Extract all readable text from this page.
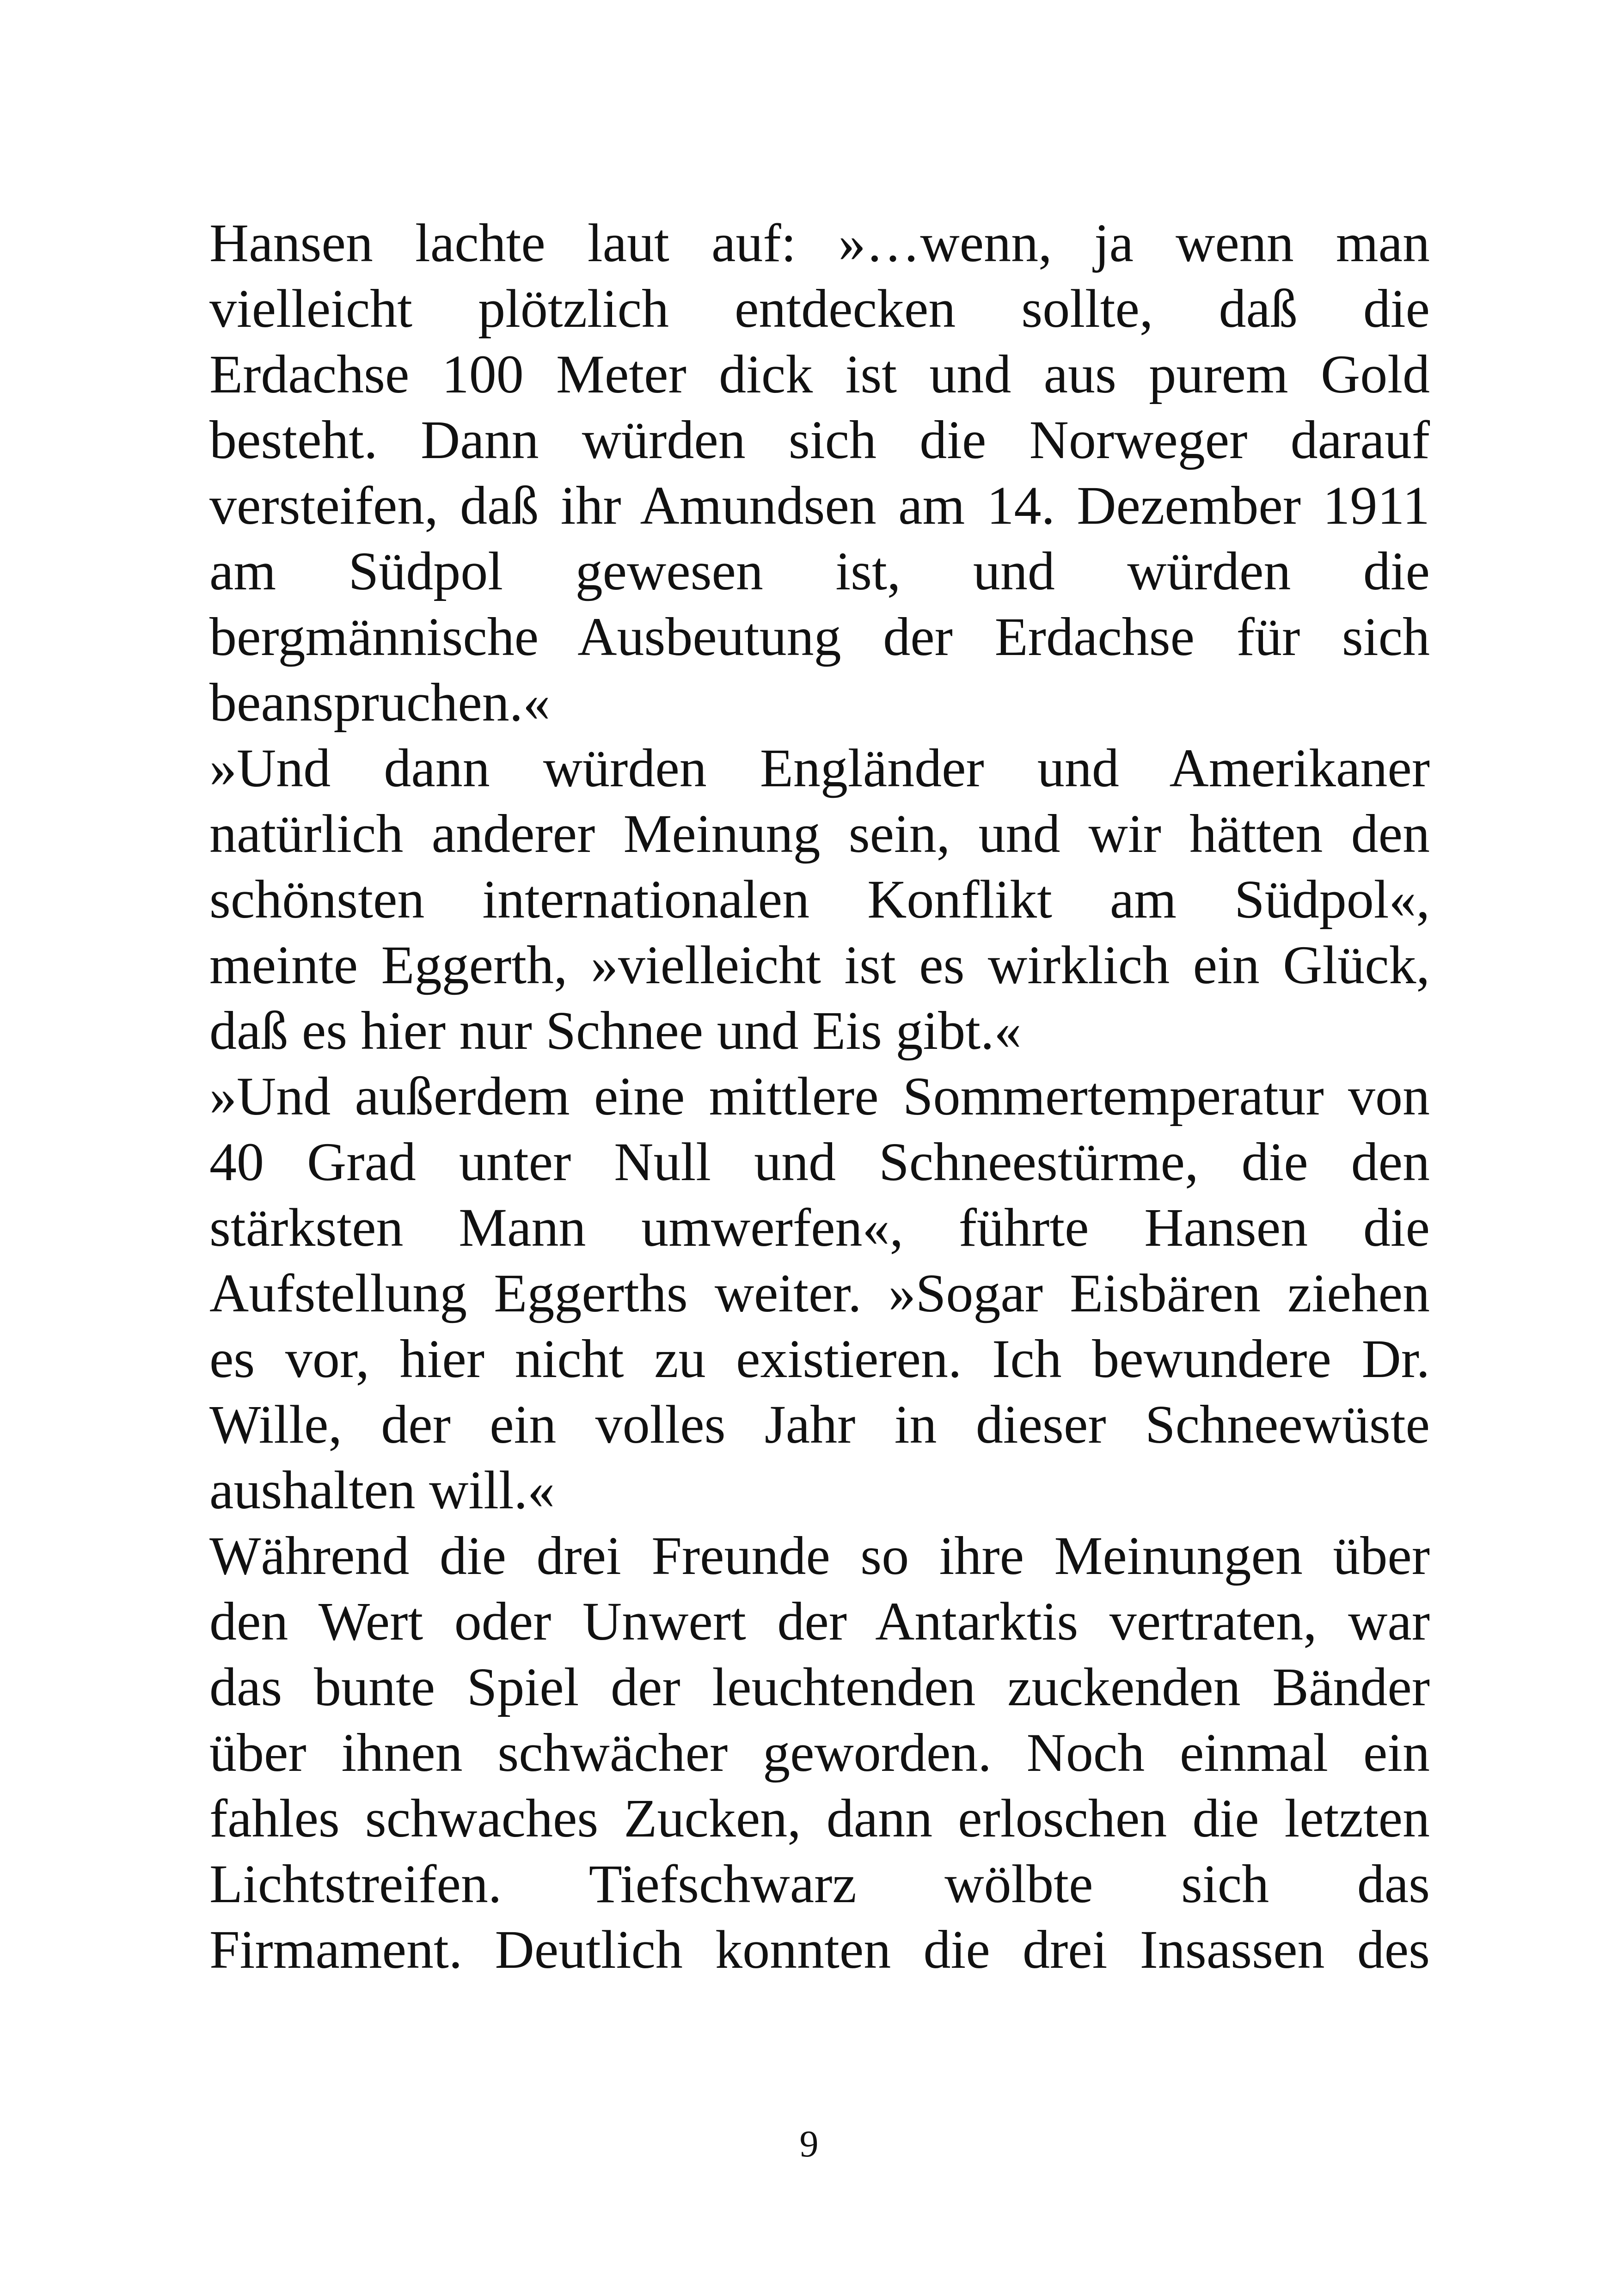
Hansen lachte laut auf: »…wenn, ja wenn man
vielleicht plötzlich entdecken sollte, daß die
Erdachse 100 Meter dick ist und aus purem Gold
besteht. Dann würden sich die Norweger darauf
versteifen, daß ihr Amundsen am 14. Dezember 1911
am Südpol gewesen ist, und würden die
bergmännische Ausbeutung der Erdachse für sich
beanspruchen.«
»Und dann würden Engländer und Amerikaner
natürlich anderer Meinung sein, und wir hätten den
schönsten internationalen Konflikt am Südpol«,
meinte Eggerth, »vielleicht ist es wirklich ein Glück,
daß es hier nur Schnee und Eis gibt.«
»Und außerdem eine mittlere Sommertemperatur von
40 Grad unter Null und Schneestürme, die den
stärksten Mann umwerfen«, führte Hansen die
Aufstellung Eggerths weiter. »Sogar Eisbären ziehen
es vor, hier nicht zu existieren. Ich bewundere Dr.
Wille, der ein volles Jahr in dieser Schneewüste
aushalten will.«
Während die drei Freunde so ihre Meinungen über
den Wert oder Unwert der Antarktis vertraten, war
das bunte Spiel der leuchtenden zuckenden Bänder
über ihnen schwächer geworden. Noch einmal ein
fahles schwaches Zucken, dann erloschen die letzten
Lichtstreifen. Tiefschwarz wölbte sich das
Firmament. Deutlich konnten die drei Insassen des
9
